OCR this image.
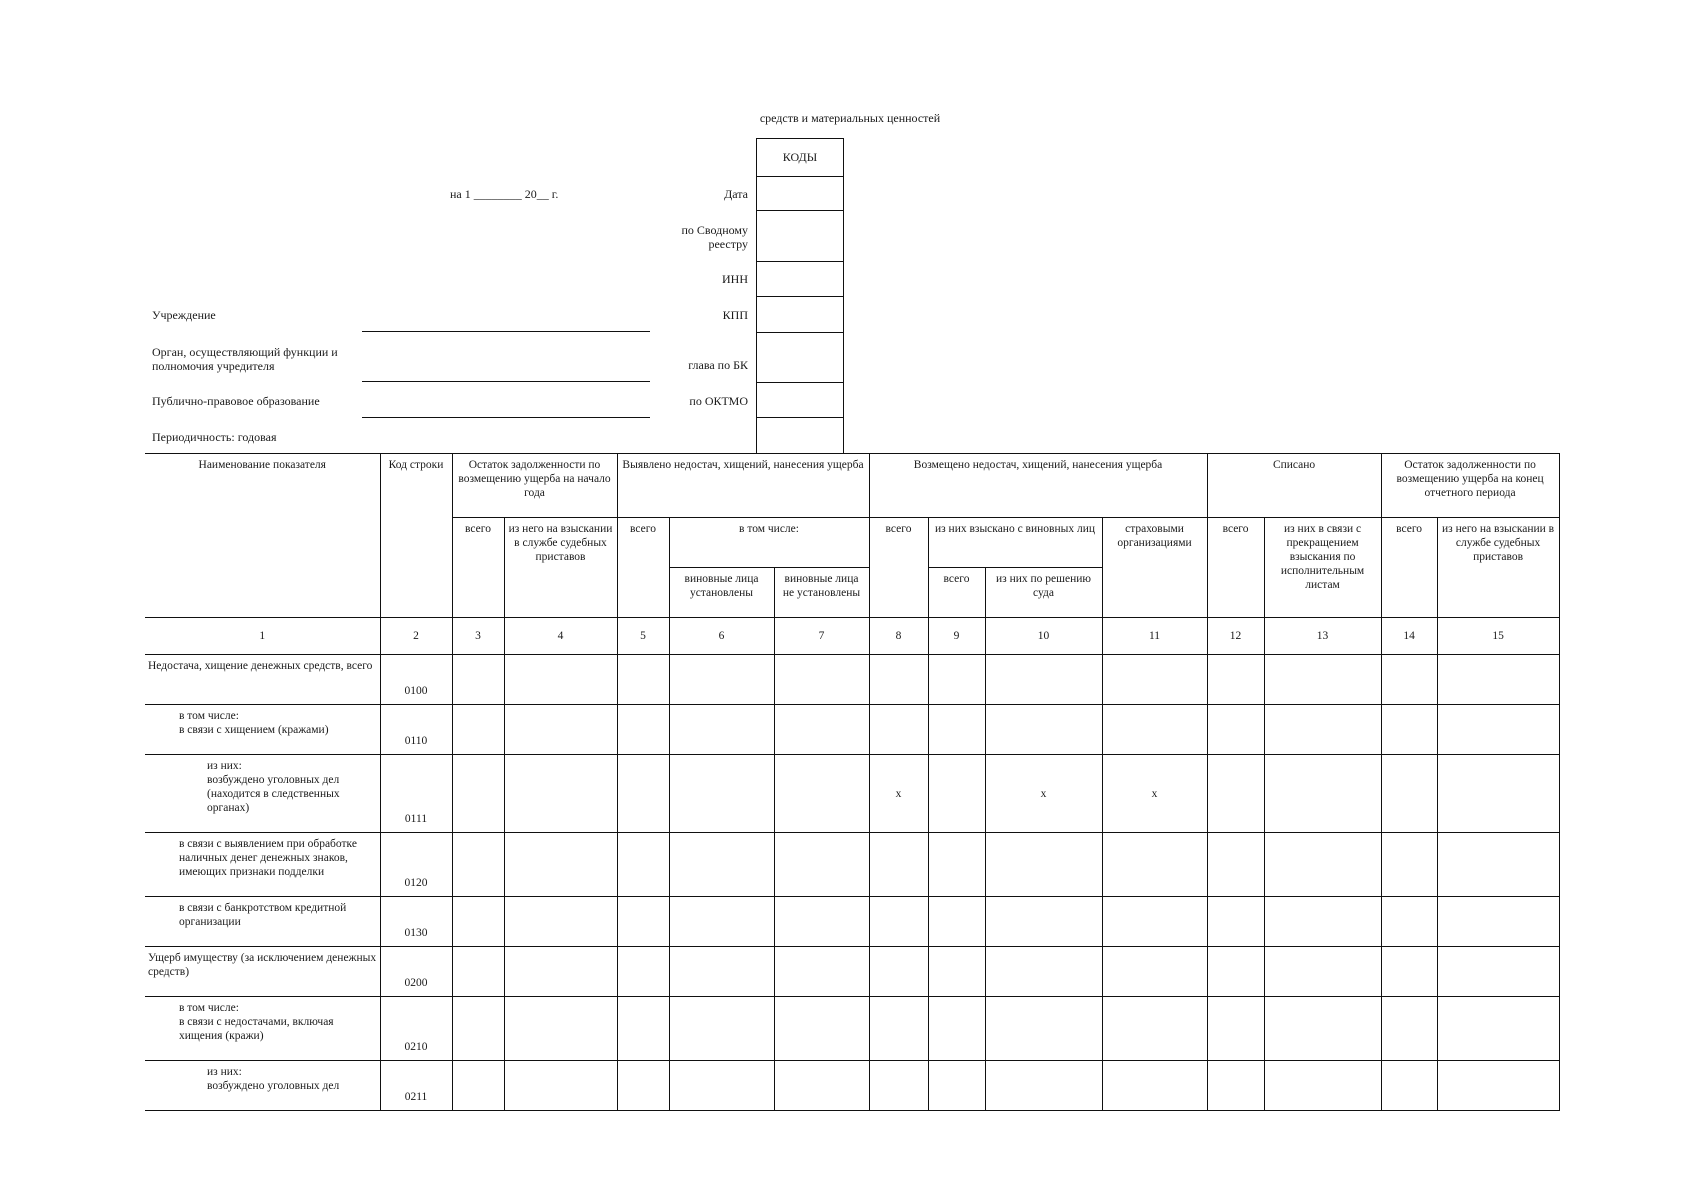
средств и материальных ценностей
на 1 ________ 20__ г.	Дата
по Сводному
реестру
ИНН
КПП
глава по БК
по ОКТМО
КОДЫ
Учреждение
Орган, осуществляющий функции и
полномочия учредителя
Публично-правовое образование
Периодичность: годовая
Наименование показателя	Код строки	Остаток задолженности по возмещению ущерба на начало года		Выявлено недостач, хищений, нанесения ущерба			Возмещено недостач, хищений, нанесения ущерба				Списано		Остаток задолженности по возмещению ущерба на конец отчетного периода	
		всего	из него на взыскании в службе судебных приставов	всего	в том числе:		всего	из них взыскано с виновных лиц		страховыми организациями	всего	из них в связи с прекращением взыскания по исполнительным листам	всего	из него на взыскании в службе судебных приставов
					виновные лица установлены	виновные лица не установлены		всего	из них по решению суда					
1	2	3	4	5	6	7	8	9	10	11	12	13	14	15
Недостача, хищение денежных средств, всего	0100													

в том числе:
в связи с хищением (кражами)	0110													

из них:
возбуждено уголовных дел (находится в следственных органах)	0111						x		x	x				
в связи с выявлением при обработке наличных денег денежных знаков, имеющих признаки подделки	0120													
в связи с банкротством кредитной организации	0130													
Ущерб имуществу (за исключением денежных средств)	0200													

в том числе:
в связи с недостачами, включая хищения (кражи)	0210													

из них:
возбуждено уголовных дел	0211													
